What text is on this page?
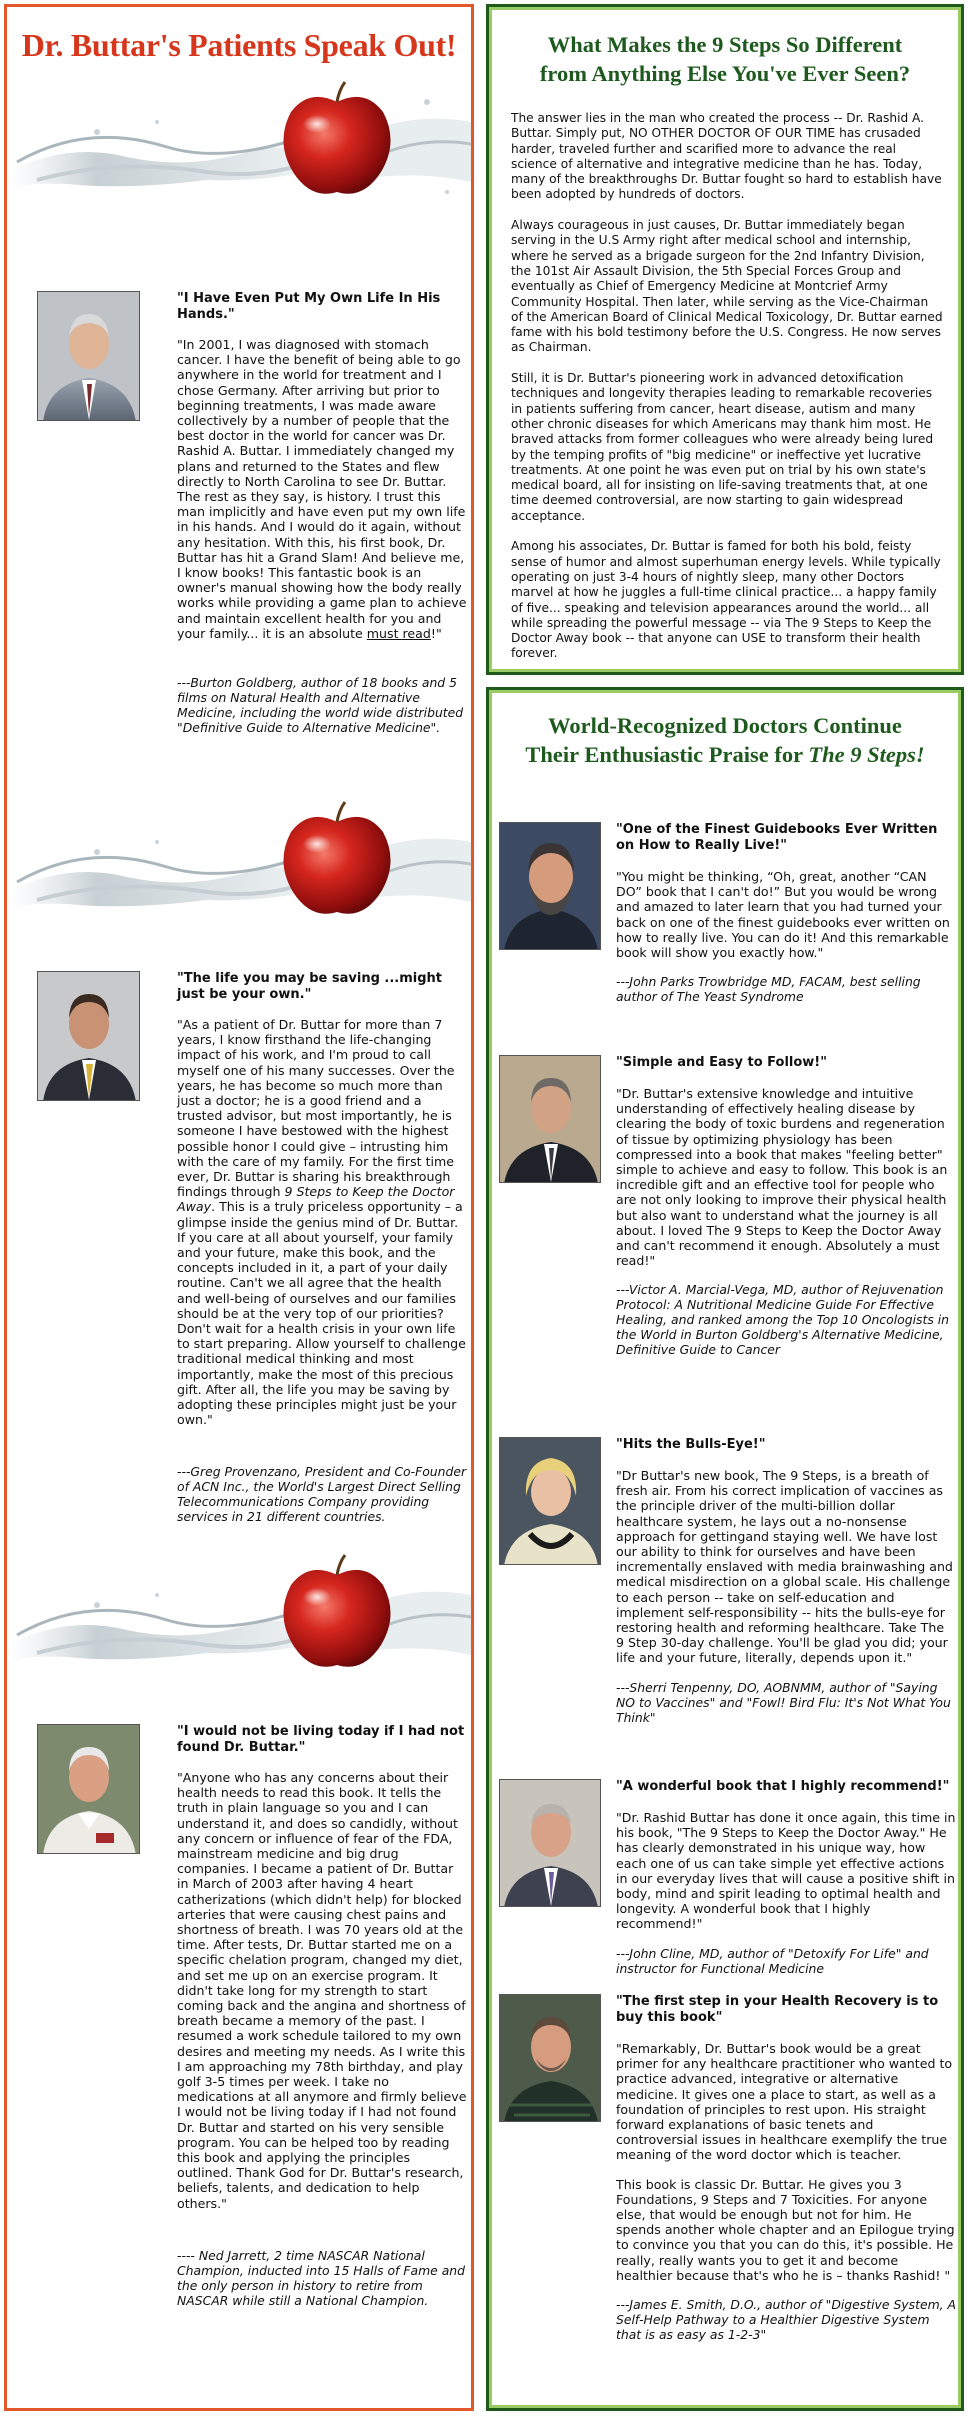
Dr. Buttar's Patients Speak Out!
"I Have Even Put My Own Life In His Hands."

"In 2001, I was diagnosed with stomach cancer. I have the benefit of being able to go anywhere in the world for treatment and I chose Germany. After arriving but prior to beginning treatments, I was made aware collectively by a number of people that the best doctor in the world for cancer was Dr. Rashid A. Buttar. I immediately changed my plans and returned to the States and flew directly to North Carolina to see Dr. Buttar. The rest as they say, is history. I trust this man implicitly and have even put my own life in his hands. And I would do it again, without any hesitation. With this, his first book, Dr. Buttar has hit a Grand Slam! And believe me, I know books! This fantastic book is an owner's manual showing how the body really works while providing a game plan to achieve and maintain excellent health for you and your family... it is an absolute must read!"

---Burton Goldberg, author of 18 books and 5 films on Natural Health and Alternative Medicine, including the world wide distributed "Definitive Guide to Alternative Medicine".

"The life you may be saving ...might just be your own."

"As a patient of Dr. Buttar for more than 7 years, I know firsthand the life-changing impact of his work, and I'm proud to call myself one of his many successes. Over the years, he has become so much more than just a doctor; he is a good friend and a trusted advisor, but most importantly, he is someone I have bestowed with the highest possible honor I could give – intrusting him with the care of my family. For the first time ever, Dr. Buttar is sharing his breakthrough findings through 9 Steps to Keep the Doctor Away. This is a truly priceless opportunity – a glimpse inside the genius mind of Dr. Buttar. If you care at all about yourself, your family and your future, make this book, and the concepts included in it, a part of your daily routine. Can't we all agree that the health and well-being of ourselves and our families should be at the very top of our priorities? Don't wait for a health crisis in your own life to start preparing. Allow yourself to challenge traditional medical thinking and most importantly, make the most of this precious gift. After all, the life you may be saving by adopting these principles might just be your own."

---Greg Provenzano, President and Co-Founder of ACN Inc., the World's Largest Direct Selling Telecommunications Company providing services in 21 different countries.

"I would not be living today if I had not found Dr. Buttar."

"Anyone who has any concerns about their health needs to read this book. It tells the truth in plain language so you and I can understand it, and does so candidly, without any concern or influence of fear of the FDA, mainstream medicine and big drug companies. I became a patient of Dr. Buttar in March of 2003 after having 4 heart catherizations (which didn't help) for blocked arteries that were causing chest pains and shortness of breath. I was 70 years old at the time. After tests, Dr. Buttar started me on a specific chelation program, changed my diet, and set me up on an exercise program. It didn't take long for my strength to start coming back and the angina and shortness of breath became a memory of the past. I resumed a work schedule tailored to my own desires and meeting my needs. As I write this I am approaching my 78th birthday, and play golf 3-5 times per week. I take no medications at all anymore and firmly believe I would not be living today if I had not found Dr. Buttar and started on his very sensible program. You can be helped too by reading this book and applying the principles outlined. Thank God for Dr. Buttar's research, beliefs, talents, and dedication to help others."

---- Ned Jarrett, 2 time NASCAR National Champion, inducted into 15 Halls of Fame and the only person in history to retire from NASCAR while still a National Champion.

What Makes the 9 Steps So Different from Anything Else You've Ever Seen?

The answer lies in the man who created the process -- Dr. Rashid A. Buttar. Simply put, NO OTHER DOCTOR OF OUR TIME has crusaded harder, traveled further and scarified more to advance the real science of alternative and integrative medicine than he has. Today, many of the breakthroughs Dr. Buttar fought so hard to establish have been adopted by hundreds of doctors.

Always courageous in just causes, Dr. Buttar immediately began serving in the U.S Army right after medical school and internship, where he served as a brigade surgeon for the 2nd Infantry Division, the 101st Air Assault Division, the 5th Special Forces Group and eventually as Chief of Emergency Medicine at Montcrief Army Community Hospital. Then later, while serving as the Vice-Chairman of the American Board of Clinical Medical Toxicology, Dr. Buttar earned fame with his bold testimony before the U.S. Congress. He now serves as Chairman.

Still, it is Dr. Buttar's pioneering work in advanced detoxification techniques and longevity therapies leading to remarkable recoveries in patients suffering from cancer, heart disease, autism and many other chronic diseases for which Americans may thank him most. He braved attacks from former colleagues who were already being lured by the temping profits of "big medicine" or ineffective yet lucrative treatments. At one point he was even put on trial by his own state's medical board, all for insisting on life-saving treatments that, at one time deemed controversial, are now starting to gain widespread acceptance.

Among his associates, Dr. Buttar is famed for both his bold, feisty sense of humor and almost superhuman energy levels. While typically operating on just 3-4 hours of nightly sleep, many other Doctors marvel at how he juggles a full-time clinical practice... a happy family of five... speaking and television appearances around the world... all while spreading the powerful message -- via The 9 Steps to Keep the Doctor Away book -- that anyone can USE to transform their health forever.

World-Recognized Doctors Continue
Their Enthusiastic Praise for The 9 Steps!
"One of the Finest Guidebooks Ever Written on How to Really Live!"

"You might be thinking, “Oh, great, another “CAN DO” book that I can't do!” But you would be wrong and amazed to later learn that you had turned your back on one of the finest guidebooks ever written on how to really live. You can do it! And this remarkable book will show you exactly how."

---John Parks Trowbridge MD, FACAM, best selling author of The Yeast Syndrome

"Simple and Easy to Follow!"

"Dr. Buttar's extensive knowledge and intuitive understanding of effectively healing disease by clearing the body of toxic burdens and regeneration of tissue by optimizing physiology has been compressed into a book that makes "feeling better" simple to achieve and easy to follow. This book is an incredible gift and an effective tool for people who are not only looking to improve their physical health but also want to understand what the journey is all about. I loved The 9 Steps to Keep the Doctor Away and can't recommend it enough. Absolutely a must read!"

---Victor A. Marcial-Vega, MD, author of Rejuvenation Protocol: A Nutritional Medicine Guide For Effective Healing, and ranked among the Top 10 Oncologists in the World in Burton Goldberg's Alternative Medicine, Definitive Guide to Cancer

"Hits the Bulls-Eye!"

"Dr Buttar's new book, The 9 Steps, is a breath of fresh air. From his correct implication of vaccines as the principle driver of the multi-billion dollar healthcare system, he lays out a no-nonsense approach for gettingand staying well. We have lost our ability to think for ourselves and have been incrementally enslaved with media brainwashing and medical misdirection on a global scale. His challenge to each person -- take on self-education and implement self-responsibility -- hits the bulls-eye for restoring health and reforming healthcare. Take The 9 Step 30-day challenge. You'll be glad you did; your life and your future, literally, depends upon it."

---Sherri Tenpenny, DO, AOBNMM, author of "Saying NO to Vaccines" and "Fowl! Bird Flu: It's Not What You Think"

"A wonderful book that I highly recommend!"

"Dr. Rashid Buttar has done it once again, this time in his book, "The 9 Steps to Keep the Doctor Away." He has clearly demonstrated in his unique way, how each one of us can take simple yet effective actions in our everyday lives that will cause a positive shift in body, mind and spirit leading to optimal health and longevity. A wonderful book that I highly recommend!"

---John Cline, MD, author of "Detoxify For Life" and instructor for Functional Medicine

"The first step in your Health Recovery is to buy this book"

"Remarkably, Dr. Buttar's book would be a great primer for any healthcare practitioner who wanted to practice advanced, integrative or alternative medicine. It gives one a place to start, as well as a foundation of principles to rest upon. His straight forward explanations of basic tenets and controversial issues in healthcare exemplify the true meaning of the word doctor which is teacher.

This book is classic Dr. Buttar. He gives you 3 Foundations, 9 Steps and 7 Toxicities. For anyone else, that would be enough but not for him. He spends another whole chapter and an Epilogue trying to convince you that you can do this, it's possible. He really, really wants you to get it and become healthier because that's who he is – thanks Rashid! "

---James E. Smith, D.O., author of "Digestive System, A Self-Help Pathway to a Healthier Digestive System that is as easy as 1-2-3"
